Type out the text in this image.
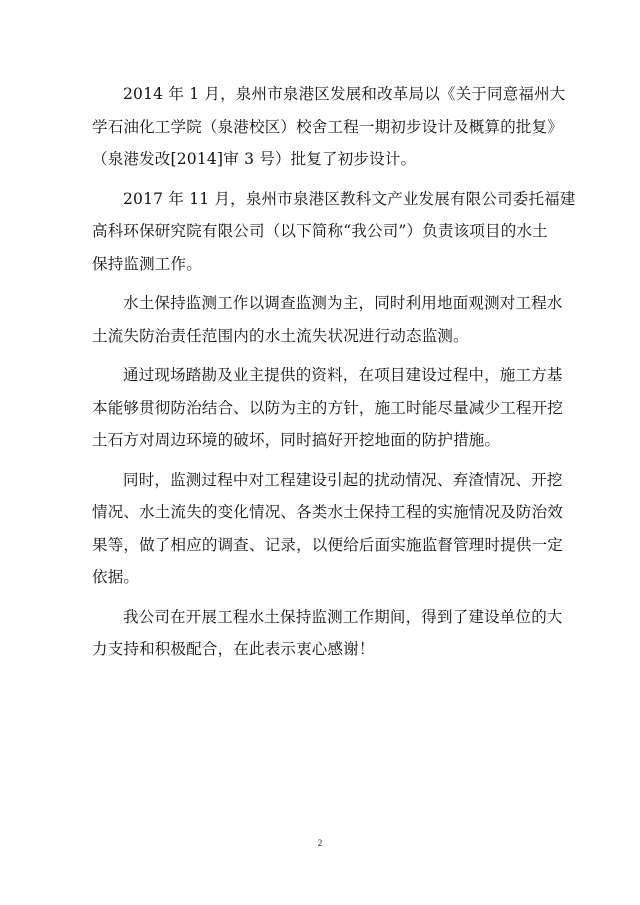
2014 年 1 月，泉州市泉港区发展和改革局以《关于同意福州大
学石油化工学院（泉港校区）校舍工程一期初步设计及概算的批复》
（泉港发改[2014]审 3 号）批复了初步设计。

2017 年 11 月，泉州市泉港区教科文产业发展有限公司委托福建
高科环保研究院有限公司（以下简称“我公司”）负责该项目的水土
保持监测工作。

水土保持监测工作以调查监测为主，同时利用地面观测对工程水
土流失防治责任范围内的水土流失状况进行动态监测。

通过现场踏勘及业主提供的资料，在项目建设过程中，施工方基
本能够贯彻防治结合、以防为主的方针，施工时能尽量减少工程开挖
土石方对周边环境的破坏，同时搞好开挖地面的防护措施。

同时，监测过程中对工程建设引起的扰动情况、弃渣情况、开挖
情况、水土流失的变化情况、各类水土保持工程的实施情况及防治效
果等，做了相应的调查、记录，以便给后面实施监督管理时提供一定
依据。

我公司在开展工程水土保持监测工作期间，得到了建设单位的大
力支持和积极配合，在此表示衷心感谢！

2
